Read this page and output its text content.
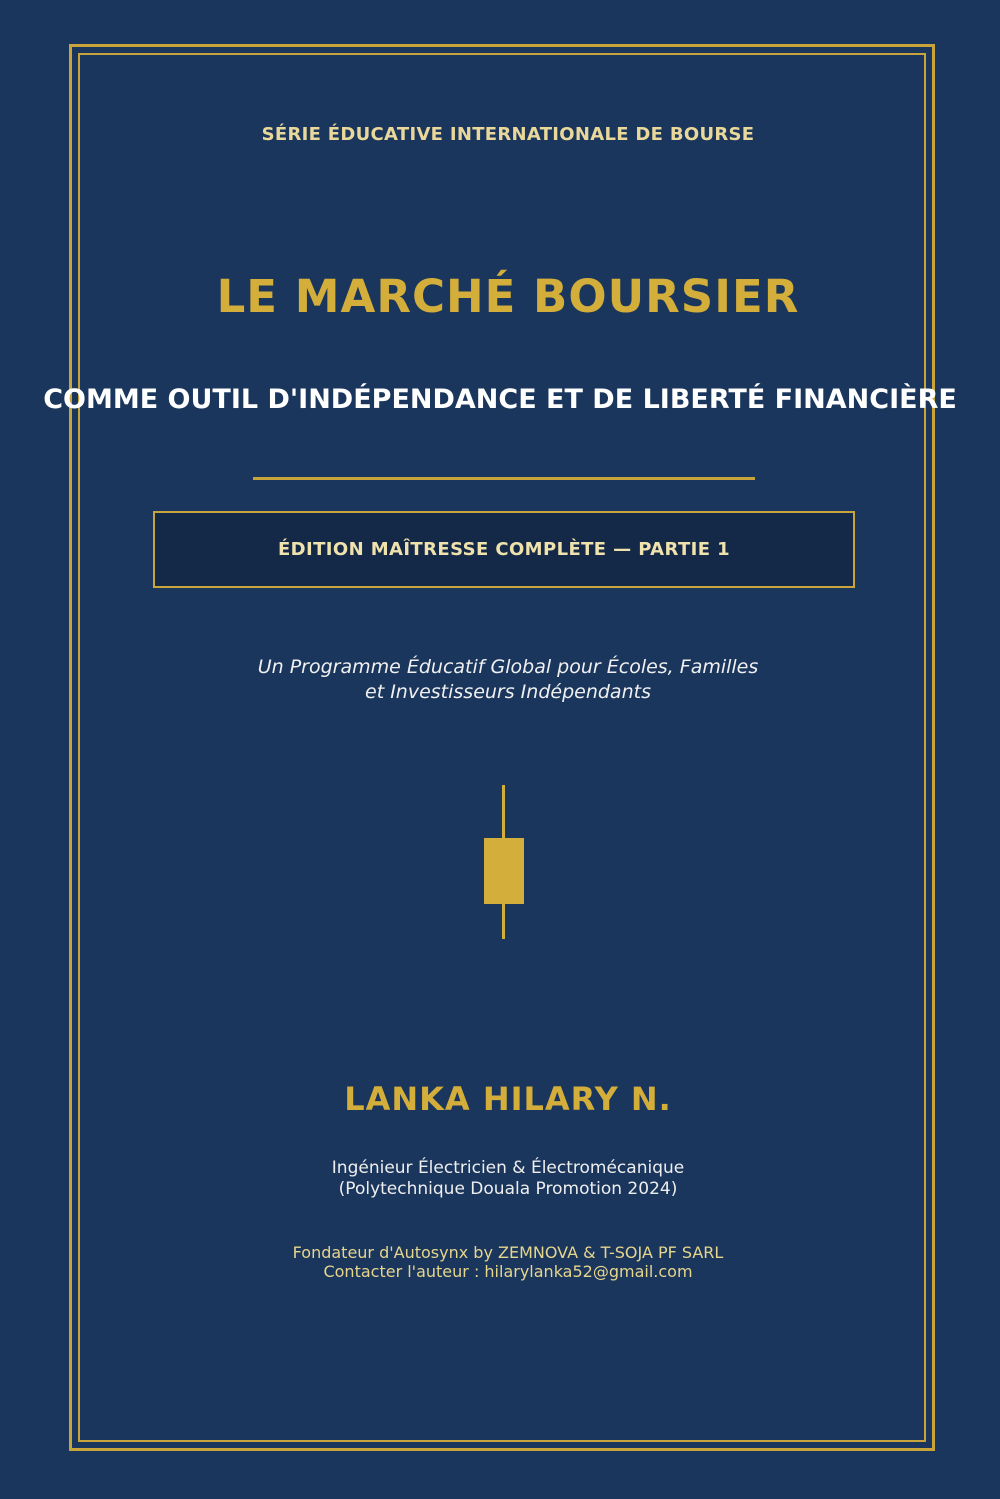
SÉRIE ÉDUCATIVE INTERNATIONALE DE BOURSE
LE MARCHÉ BOURSIER
COMME OUTIL D'INDÉPENDANCE ET DE LIBERTÉ FINANCIÈRE
ÉDITION MAÎTRESSE COMPLÈTE — PARTIE 1
Un Programme Éducatif Global pour Écoles, Familles
et Investisseurs Indépendants
LANKA HILARY N.
Ingénieur Électricien & Électromécanique
(Polytechnique Douala Promotion 2024)
Fondateur d'Autosynx by ZEMNOVA & T-SOJA PF SARL
Contacter l'auteur : hilarylanka52@gmail.com
